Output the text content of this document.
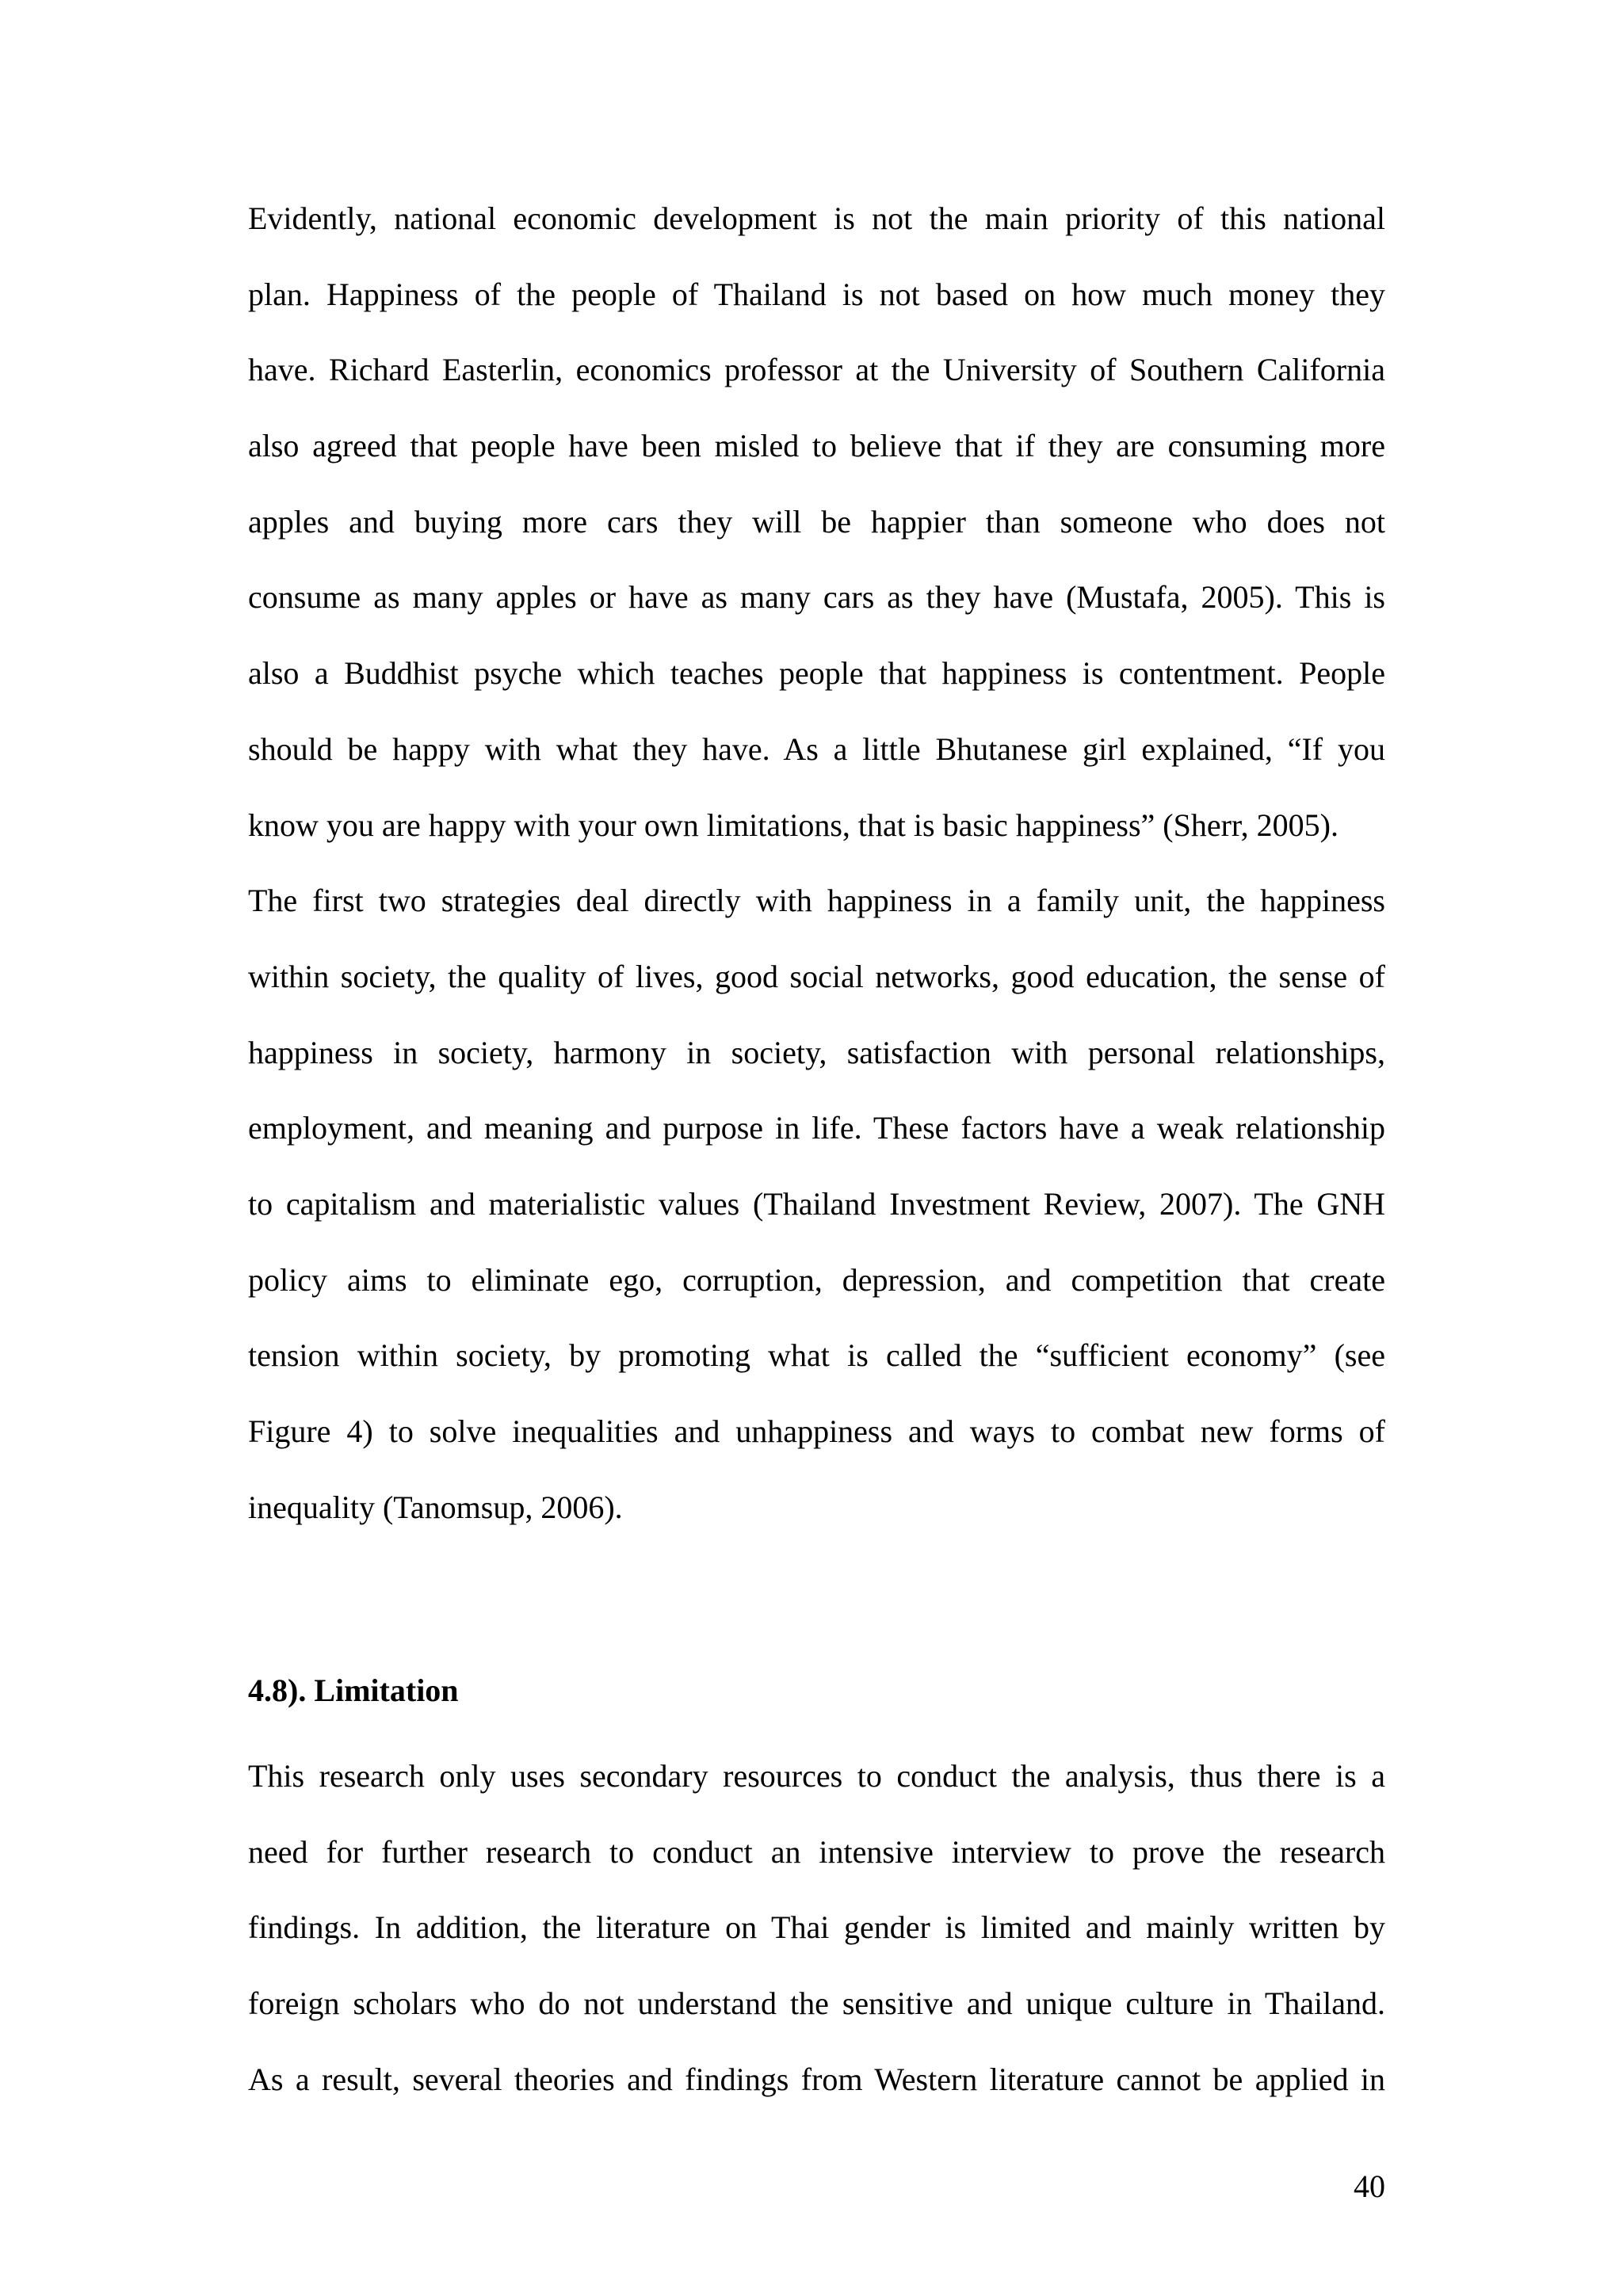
Evidently, national economic development is not the main priority of this national
plan. Happiness of the people of Thailand is not based on how much money they
have. Richard Easterlin, economics professor at the University of Southern California
also agreed that people have been misled to believe that if they are consuming more
apples and buying more cars they will be happier than someone who does not
consume as many apples or have as many cars as they have (Mustafa, 2005). This is
also a Buddhist psyche which teaches people that happiness is contentment. People
should be happy with what they have. As a little Bhutanese girl explained, “If you
know you are happy with your own limitations, that is basic happiness” (Sherr, 2005).
The first two strategies deal directly with happiness in a family unit, the happiness
within society, the quality of lives, good social networks, good education, the sense of
happiness in society, harmony in society, satisfaction with personal relationships,
employment, and meaning and purpose in life. These factors have a weak relationship
to capitalism and materialistic values (Thailand Investment Review, 2007). The GNH
policy aims to eliminate ego, corruption, depression, and competition that create
tension within society, by promoting what is called the “sufficient economy” (see
Figure 4) to solve inequalities and unhappiness and ways to combat new forms of
inequality (Tanomsup, 2006).
4.8). Limitation
This research only uses secondary resources to conduct the analysis, thus there is a
need for further research to conduct an intensive interview to prove the research
findings. In addition, the literature on Thai gender is limited and mainly written by
foreign scholars who do not understand the sensitive and unique culture in Thailand.
As a result, several theories and findings from Western literature cannot be applied in
40
